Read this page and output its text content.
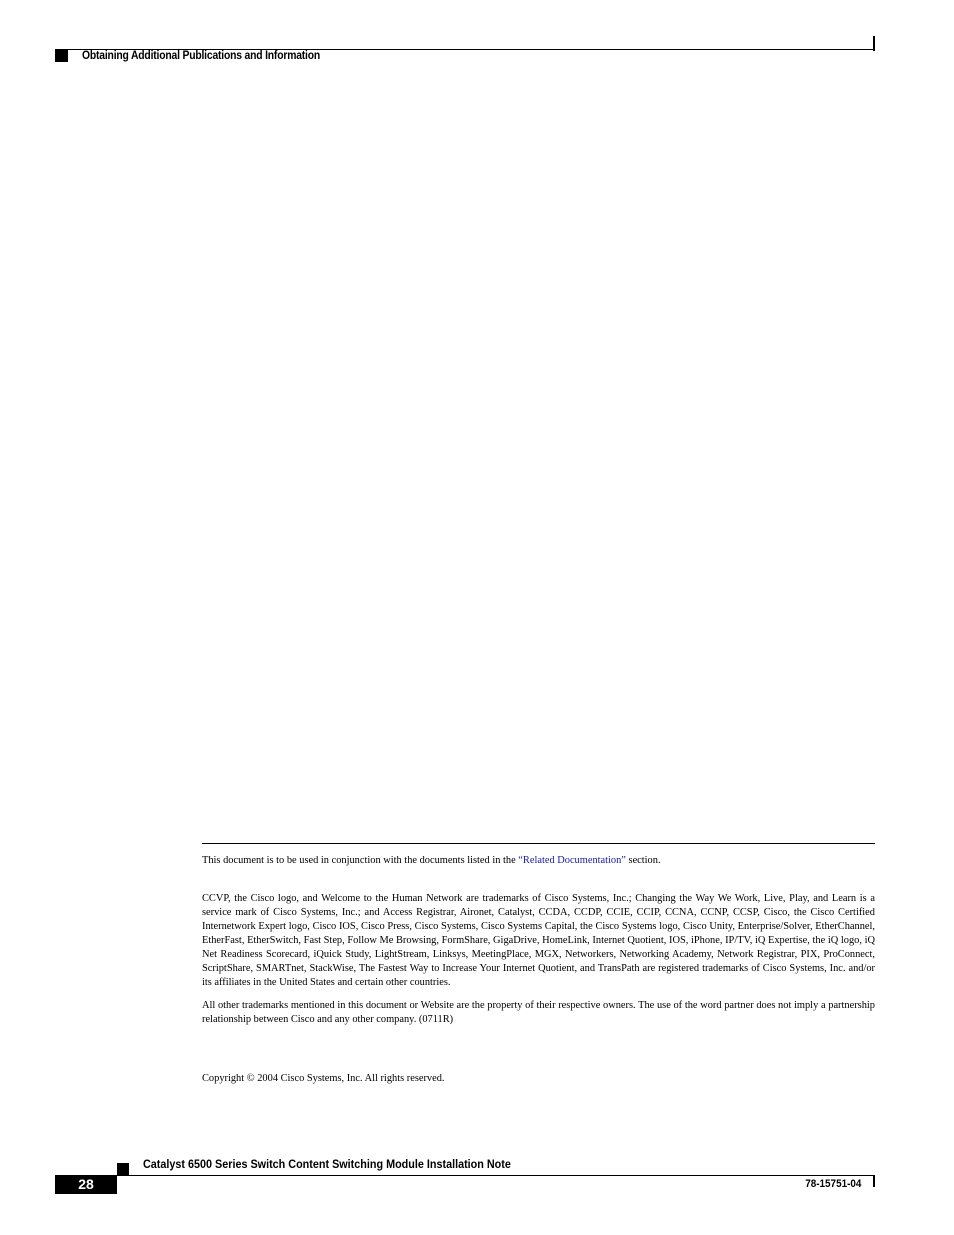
Obtaining Additional Publications and Information
This document is to be used in conjunction with the documents listed in the “Related Documentation” section.
CCVP, the Cisco logo, and Welcome to the Human Network are trademarks of Cisco Systems, Inc.; Changing the Way We Work, Live, Play, and Learn is a service mark of Cisco Systems, Inc.; and Access Registrar, Aironet, Catalyst, CCDA, CCDP, CCIE, CCIP, CCNA, CCNP, CCSP, Cisco, the Cisco Certified Internetwork Expert logo, Cisco IOS, Cisco Press, Cisco Systems, Cisco Systems Capital, the Cisco Systems logo, Cisco Unity, Enterprise/Solver, EtherChannel, EtherFast, EtherSwitch, Fast Step, Follow Me Browsing, FormShare, GigaDrive, HomeLink, Internet Quotient, IOS, iPhone, IP/TV, iQ Expertise, the iQ logo, iQ Net Readiness Scorecard, iQuick Study, LightStream, Linksys, MeetingPlace, MGX, Networkers, Networking Academy, Network Registrar, PIX, ProConnect, ScriptShare, SMARTnet, StackWise, The Fastest Way to Increase Your Internet Quotient, and TransPath are registered trademarks of Cisco Systems, Inc. and/or its affiliates in the United States and certain other countries.
All other trademarks mentioned in this document or Website are the property of their respective owners. The use of the word partner does not imply a partnership relationship between Cisco and any other company. (0711R)
Copyright © 2004 Cisco Systems, Inc. All rights reserved.
Catalyst 6500 Series Switch Content Switching Module Installation Note
28	78-15751-04
